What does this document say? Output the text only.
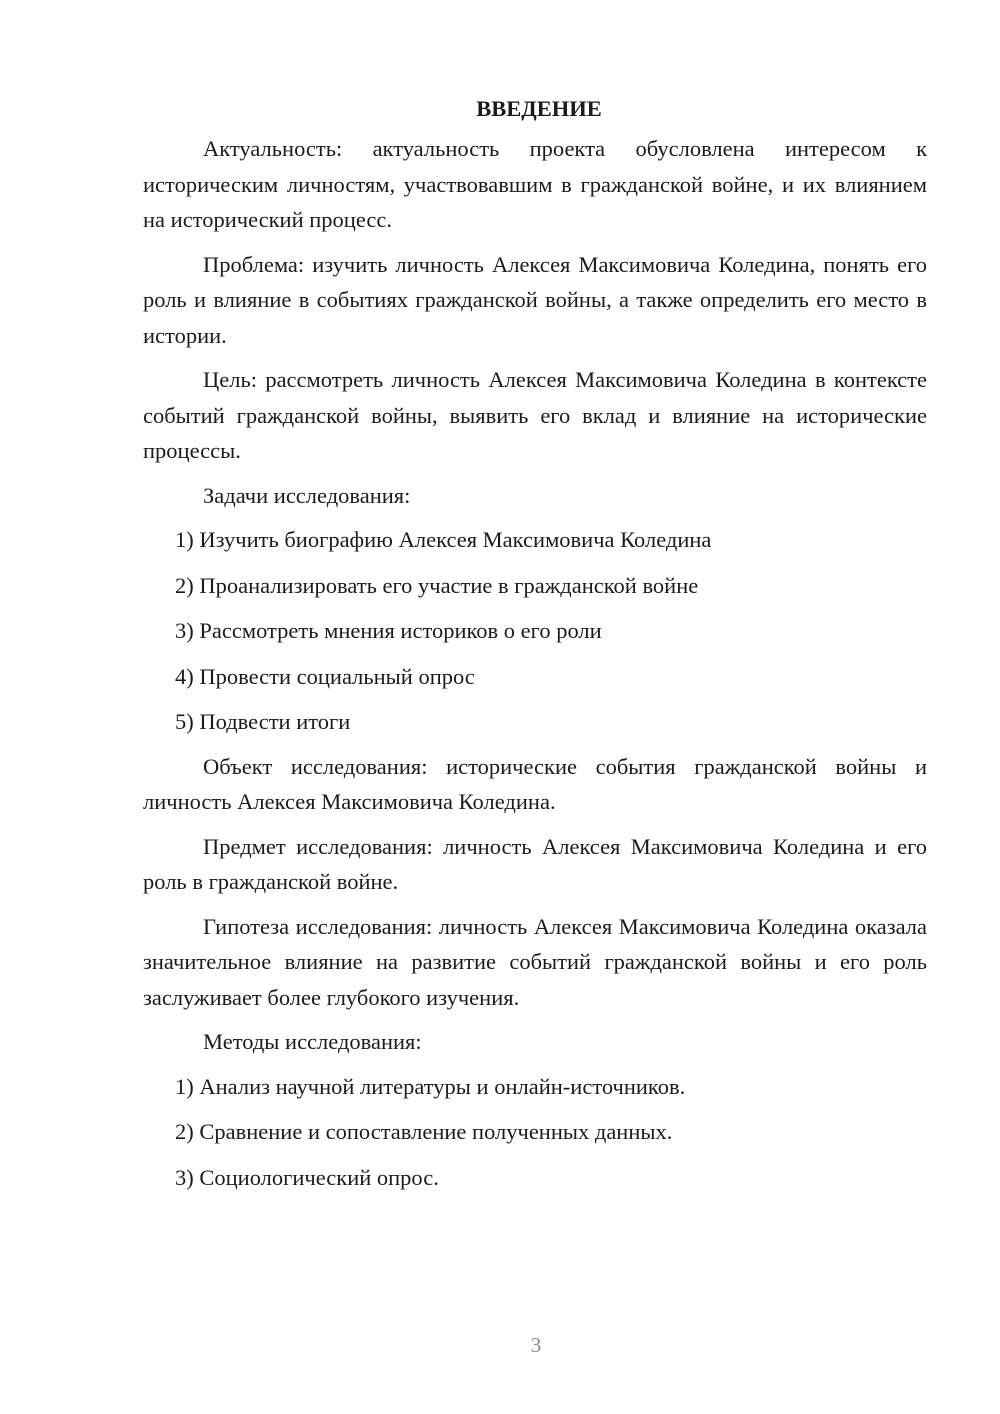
ВВЕДЕНИЕ

Актуальность: актуальность проекта обусловлена интересом к историческим личностям, участвовавшим в гражданской войне, и их влиянием на исторический процесс.

Проблема: изучить личность Алексея Максимовича Коледина, понять его роль и влияние в событиях гражданской войны, а также определить его место в истории.

Цель: рассмотреть личность Алексея Максимовича Коледина в контексте событий гражданской войны, выявить его вклад и влияние на исторические процессы.

Задачи исследования:

1) Изучить биографию Алексея Максимовича Коледина
2) Проанализировать его участие в гражданской войне
3) Рассмотреть мнения историков о его роли
4) Провести социальный опрос
5) Подвести итоги

Объект исследования: исторические события гражданской войны и личность Алексея Максимовича Коледина.

Предмет исследования: личность Алексея Максимовича Коледина и его роль в гражданской войне.

Гипотеза исследования: личность Алексея Максимовича Коледина оказала значительное влияние на развитие событий гражданской войны и его роль заслуживает более глубокого изучения.

Методы исследования:

1) Анализ научной литературы и онлайн-источников.
2) Сравнение и сопоставление полученных данных.
3) Социологический опрос.
3
